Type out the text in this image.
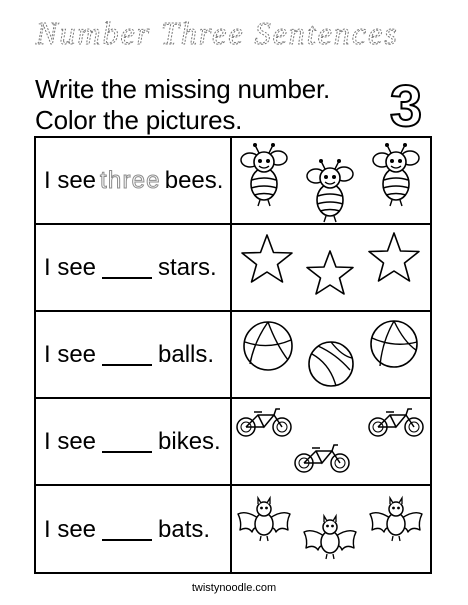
Number Three Sentences
Write the missing number.
Color the pictures.	3
I see three bees.
I see	stars.
I see	balls.
I see	bikes.
I see	bats.
twistynoodle.com
